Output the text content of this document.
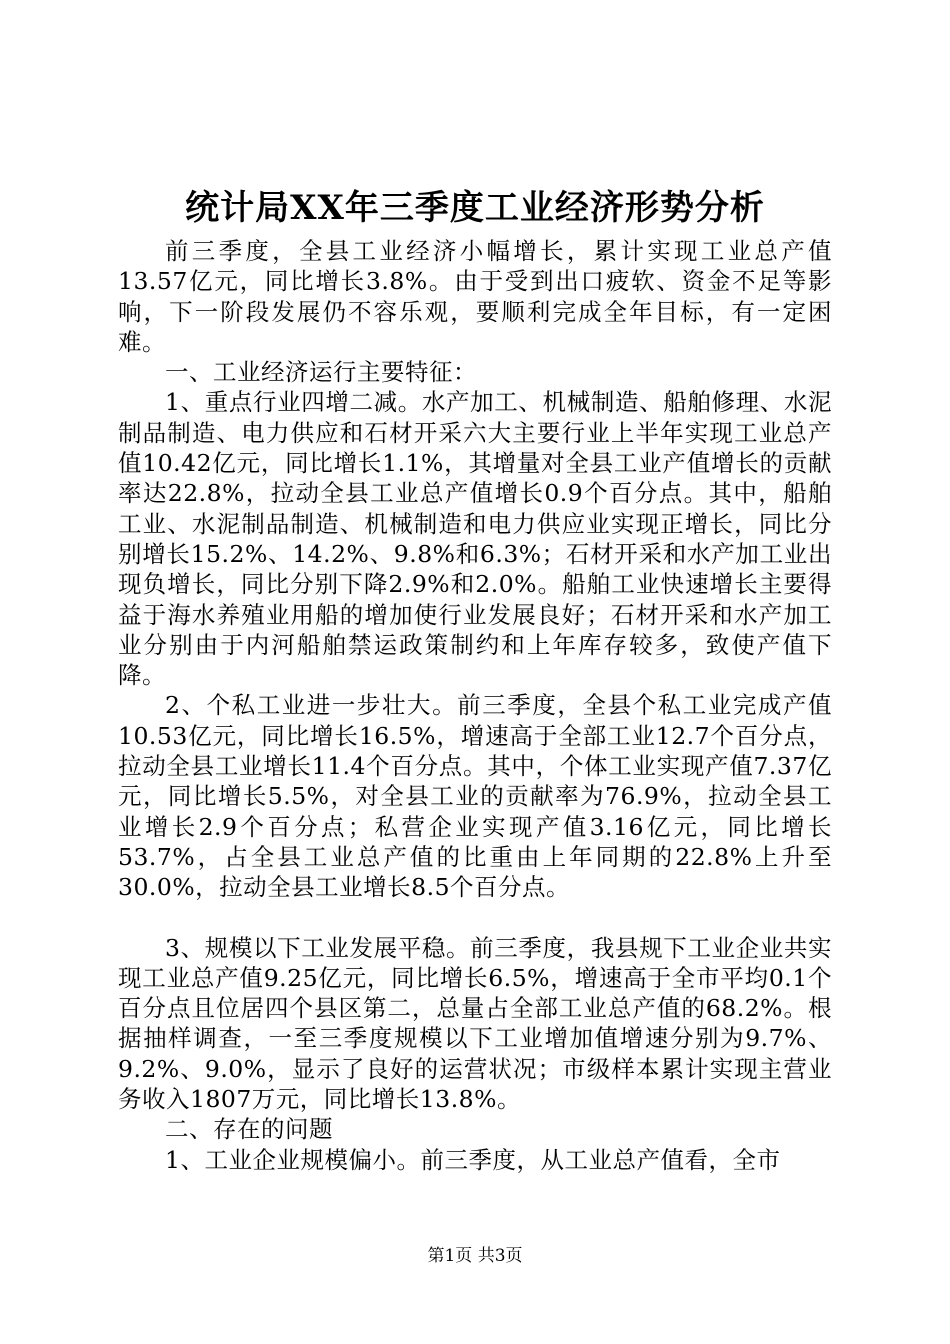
统计局XX年三季度工业经济形势分析

前三季度，全县工业经济小幅增长，累计实现工业总产值13.57亿元，同比增长3.8%。由于受到出口疲软、资金不足等影响，下一阶段发展仍不容乐观，要顺利完成全年目标，有一定困难。

一、工业经济运行主要特征：

1、重点行业四增二减。水产加工、机械制造、船舶修理、水泥制品制造、电力供应和石材开采六大主要行业上半年实现工业总产值10.42亿元，同比增长1.1%，其增量对全县工业产值增长的贡献率达22.8%，拉动全县工业总产值增长0.9个百分点。其中，船舶工业、水泥制品制造、机械制造和电力供应业实现正增长，同比分别增长15.2%、14.2%、9.8%和6.3%；石材开采和水产加工业出现负增长，同比分别下降2.9%和2.0%。船舶工业快速增长主要得益于海水养殖业用船的增加使行业发展良好；石材开采和水产加工业分别由于内河船舶禁运政策制约和上年库存较多，致使产值下降。

2、个私工业进一步壮大。前三季度，全县个私工业完成产值10.53亿元，同比增长16.5%，增速高于全部工业12.7个百分点，拉动全县工业增长11.4个百分点。其中，个体工业实现产值7.37亿元，同比增长5.5%，对全县工业的贡献率为76.9%，拉动全县工业增长2.9个百分点；私营企业实现产值3.16亿元，同比增长53.7%，占全县工业总产值的比重由上年同期的22.8%上升至30.0%，拉动全县工业增长8.5个百分点。

3、规模以下工业发展平稳。前三季度，我县规下工业企业共实现工业总产值9.25亿元，同比增长6.5%，增速高于全市平均0.1个百分点且位居四个县区第二，总量占全部工业总产值的68.2%。根据抽样调查，一至三季度规模以下工业增加值增速分别为9.7%、9.2%、9.0%，显示了良好的运营状况；市级样本累计实现主营业务收入1807万元，同比增长13.8%。

二、存在的问题

1、工业企业规模偏小。前三季度，从工业总产值看，全市

第1页 共3页
